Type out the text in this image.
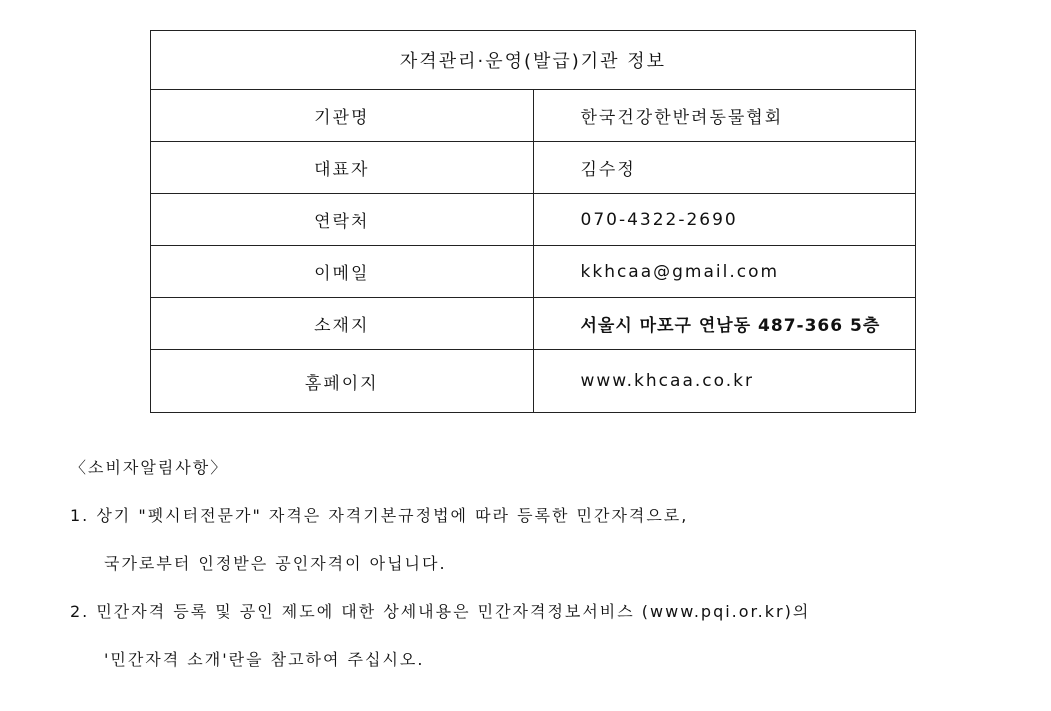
자격관리·운영(발급)기관 정보	
기관명	한국건강한반려동물협회
대표자	김수정
연락처	070-4322-2690
이메일	kkhcaa@gmail.com
소재지	서울시 마포구 연남동 487-366 5층
홈페이지	www.khcaa.co.kr
〈소비자알림사항〉
1. 상기 "펫시터전문가" 자격은 자격기본규정법에 따라 등록한 민간자격으로,
국가로부터 인정받은 공인자격이 아닙니다.
2. 민간자격 등록 및 공인 제도에 대한 상세내용은 민간자격정보서비스 (www.pqi.or.kr)의
'민간자격 소개'란을 참고하여 주십시오.
